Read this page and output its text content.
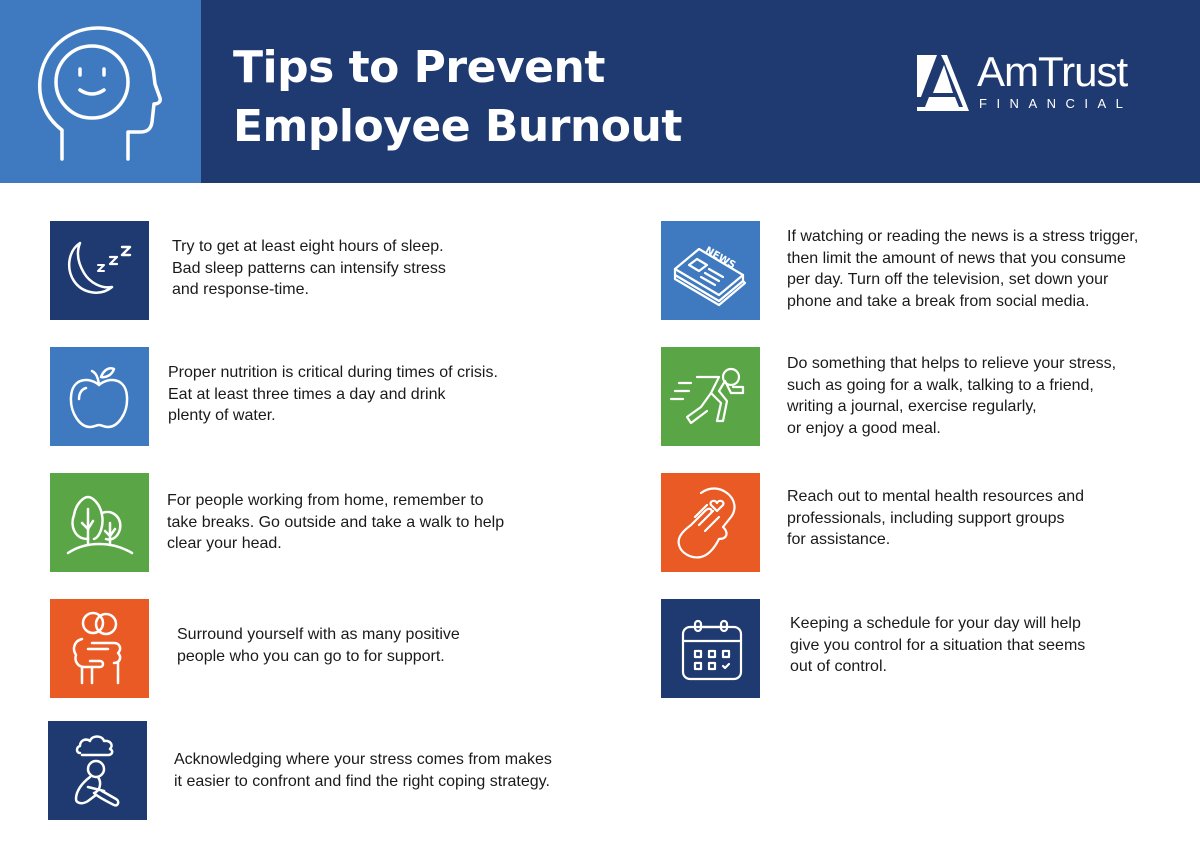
Tips to Prevent
Employee Burnout
AmTrust
FINANCIAL
Try to get at least eight hours of sleep.
Bad sleep patterns can intensify stress
and response-time.
Proper nutrition is critical during times of crisis.
Eat at least three times a day and drink
plenty of water.
For people working from home, remember to
take breaks. Go outside and take a walk to help
clear your head.
Surround yourself with as many positive
people who you can go to for support.
Acknowledging where your stress comes from makes
it easier to confront and find the right coping strategy.
NEWS
If watching or reading the news is a stress trigger,
then limit the amount of news that you consume
per day. Turn off the television, set down your
phone and take a break from social media.
Do something that helps to relieve your stress,
such as going for a walk, talking to a friend,
writing a journal, exercise regularly,
or enjoy a good meal.
Reach out to mental health resources and
professionals, including support groups
for assistance.
Keeping a schedule for your day will help
give you control for a situation that seems
out of control.
